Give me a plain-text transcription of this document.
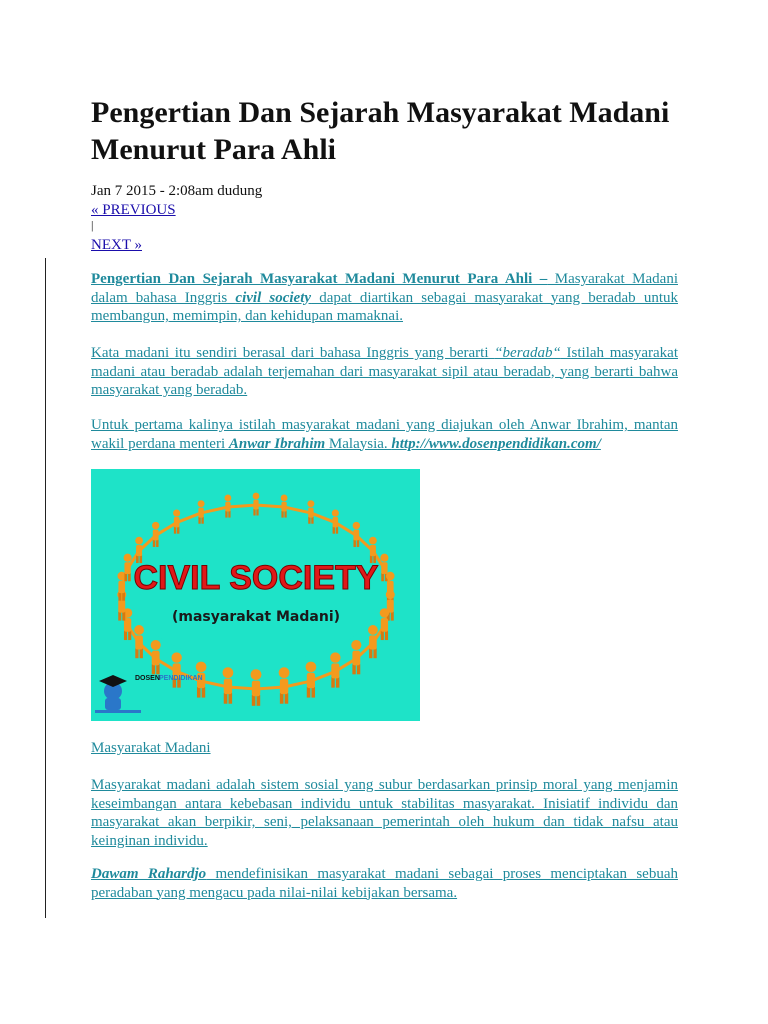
Pengertian Dan Sejarah Masyarakat Madani Menurut Para Ahli
Jan 7 2015 - 2:08am dudung
« PREVIOUS
|
NEXT »

Pengertian Dan Sejarah Masyarakat Madani Menurut Para Ahli – Masyarakat Madani dalam bahasa Inggris civil society dapat diartikan sebagai masyarakat yang beradab untuk membangun, memimpin, dan kehidupan mamaknai.

Kata madani itu sendiri berasal dari bahasa Inggris yang berarti “beradab“ Istilah masyarakat madani atau beradab adalah terjemahan dari masyarakat sipil atau beradab, yang berarti bahwa masyarakat yang beradab.

Untuk pertama kalinya istilah masyarakat madani yang diajukan oleh Anwar Ibrahim, mantan wakil perdana menteri Anwar Ibrahim Malaysia. http://www.dosenpendidikan.com/

CIVIL SOCIETY
(masyarakat Madani)
DOSEN PENDIDIKAN
Masyarakat Madani

Masyarakat madani adalah sistem sosial yang subur berdasarkan prinsip moral yang menjamin keseimbangan antara kebebasan individu untuk stabilitas masyarakat. Inisiatif individu dan masyarakat akan berpikir, seni, pelaksanaan pemerintah oleh hukum dan tidak nafsu atau keinginan individu.

Dawam Rahardjo mendefinisikan masyarakat madani sebagai proses menciptakan sebuah peradaban yang mengacu pada nilai-nilai kebijakan bersama.
